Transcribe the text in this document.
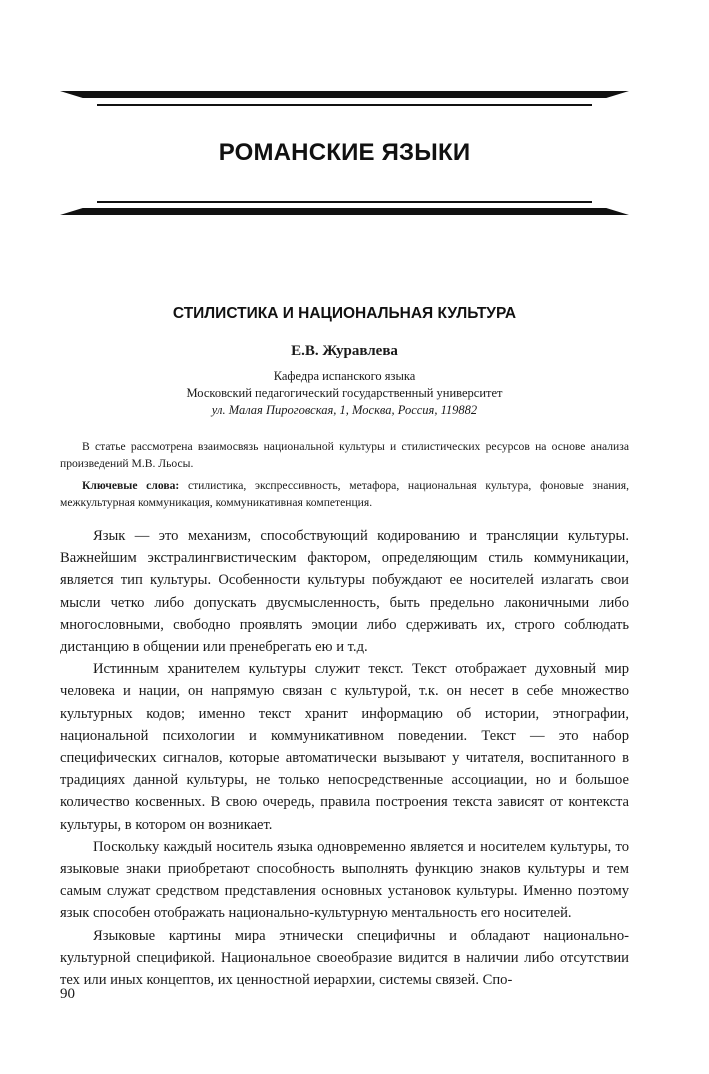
РОМАНСКИЕ ЯЗЫКИ
СТИЛИСТИКА И НАЦИОНАЛЬНАЯ КУЛЬТУРА
Е.В. Журавлева
Кафедра испанского языка
Московский педагогический государственный университет
ул. Малая Пироговская, 1, Москва, Россия, 119882
В статье рассмотрена взаимосвязь национальной культуры и стилистических ресурсов на основе анализа произведений М.В. Льосы.
Ключевые слова: стилистика, экспрессивность, метафора, национальная культура, фоновые знания, межкультурная коммуникация, коммуникативная компетенция.

Язык — это механизм, способствующий кодированию и трансляции культуры. Важнейшим экстралингвистическим фактором, определяющим стиль коммуникации, является тип культуры. Особенности культуры побуждают ее носителей излагать свои мысли четко либо допускать двусмысленность, быть предельно лаконичными либо многословными, свободно проявлять эмоции либо сдерживать их, строго соблюдать дистанцию в общении или пренебрегать ею и т.д.

Истинным хранителем культуры служит текст. Текст отображает духовный мир человека и нации, он напрямую связан с культурой, т.к. он несет в себе множество культурных кодов; именно текст хранит информацию об истории, этнографии, национальной психологии и коммуникативном поведении. Текст — это набор специфических сигналов, которые автоматически вызывают у читателя, воспитанного в традициях данной культуры, не только непосредственные ассоциации, но и большое количество косвенных. В свою очередь, правила построения текста зависят от контекста культуры, в котором он возникает.

Поскольку каждый носитель языка одновременно является и носителем культуры, то языковые знаки приобретают способность выполнять функцию знаков культуры и тем самым служат средством представления основных установок культуры. Именно поэтому язык способен отображать национально-культурную ментальность его носителей.

Языковые картины мира этнически специфичны и обладают национально-культурной спецификой. Национальное своеобразие видится в наличии либо отсутствии тех или иных концептов, их ценностной иерархии, системы связей. Спо-

90
